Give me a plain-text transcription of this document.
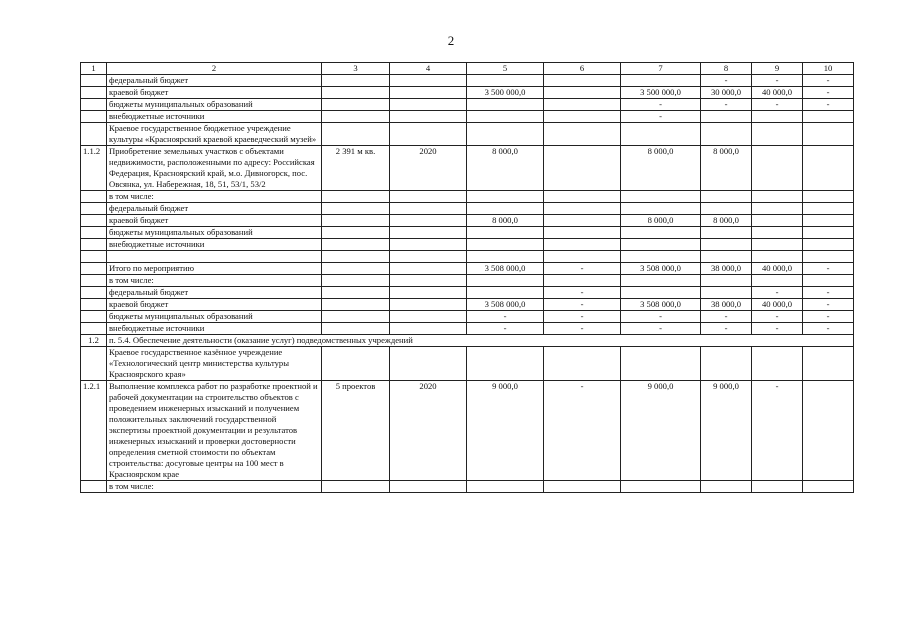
2
1	2	3	4	5	6	7	8	9	10
	федеральный бюджет						-	-	-
	краевой бюджет			3 500 000,0		3 500 000,0	30 000,0	40 000,0	-
	бюджеты муниципальных образований					-	-	-	-
	внебюджетные источники					-			
	Краевое государственное бюджетное учреждение культуры «Красноярский краевой краеведческий музей»								
1.1.2	Приобретение земельных участков с объектами недвижимости, расположенными по адресу: Российская Федерация, Красноярский край, м.о. Дивногорск, пос. Овсянка, ул. Набережная, 18, 51, 53/1, 53/2	2 391 м кв.	2020	8 000,0		8 000,0	8 000,0		
	в том числе:								
	федеральный бюджет								
	краевой бюджет			8 000,0		8 000,0	8 000,0		
	бюджеты муниципальных образований								
	внебюджетные источники								

	Итого по мероприятию			3 508 000,0	-	3 508 000,0	38 000,0	40 000,0	-
	в том числе:								
	федеральный бюджет				-			-	-
	краевой бюджет			3 508 000,0	-	3 508 000,0	38 000,0	40 000,0	-
	бюджеты муниципальных образований			-	-	-	-	-	-
	внебюджетные источники			-	-	-	-	-	-
1.2	п. 5.4. Обеспечение деятельности (оказание услуг) подведомственных учреждений								
	Краевое государственное казённое учреждение «Технологический центр министерства культуры Красноярского края»								
1.2.1	Выполнение комплекса работ по разработке проектной и рабочей документации на строительство объектов с проведением инженерных изысканий и получением положительных заключений государственной экспертизы проектной документации и результатов инженерных изысканий и проверки достоверности определения сметной стоимости по объектам строительства: досуговые центры на 100 мест в Красноярском крае	5 проектов	2020	9 000,0	-	9 000,0	9 000,0	-	
	в том числе:								
